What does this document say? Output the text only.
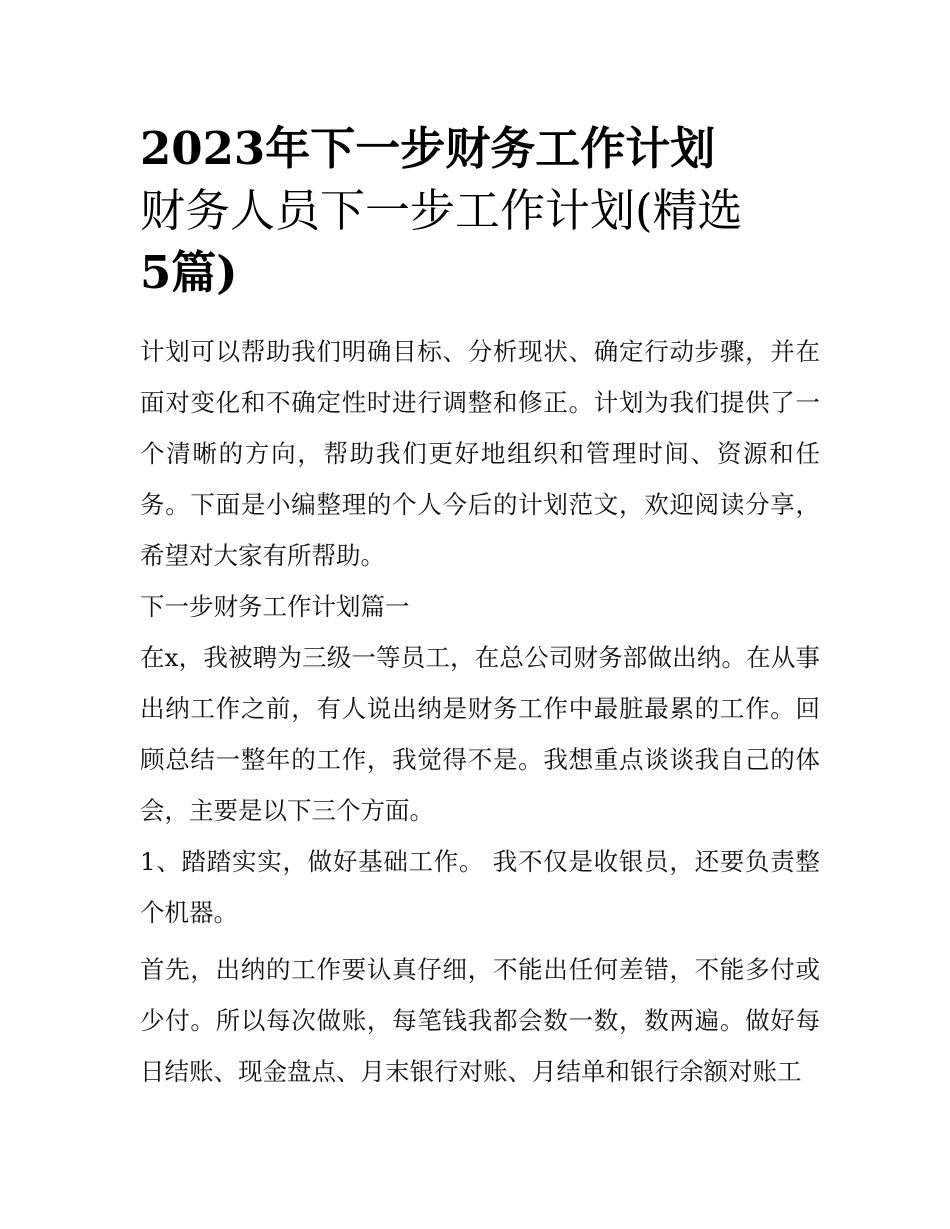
2023年下一步财务工作计划
财务人员下一步工作计划(精选
5篇)

计划可以帮助我们明确目标、分析现状、确定行动步骤，并在面对变化和不确定性时进行调整和修正。计划为我们提供了一个清晰的方向，帮助我们更好地组织和管理时间、资源和任务。下面是小编整理的个人今后的计划范文，欢迎阅读分享，希望对大家有所帮助。

下一步财务工作计划篇一

在x，我被聘为三级一等员工，在总公司财务部做出纳。在从事出纳工作之前，有人说出纳是财务工作中最脏最累的工作。回顾总结一整年的工作，我觉得不是。我想重点谈谈我自己的体会，主要是以下三个方面。

1、踏踏实实，做好基础工作。 我不仅是收银员，还要负责整个机器。

首先，出纳的工作要认真仔细，不能出任何差错，不能多付或少付。所以每次做账，每笔钱我都会数一数，数两遍。做好每日结账、现金盘点、月末银行对账、月结单和银行余额对账工
